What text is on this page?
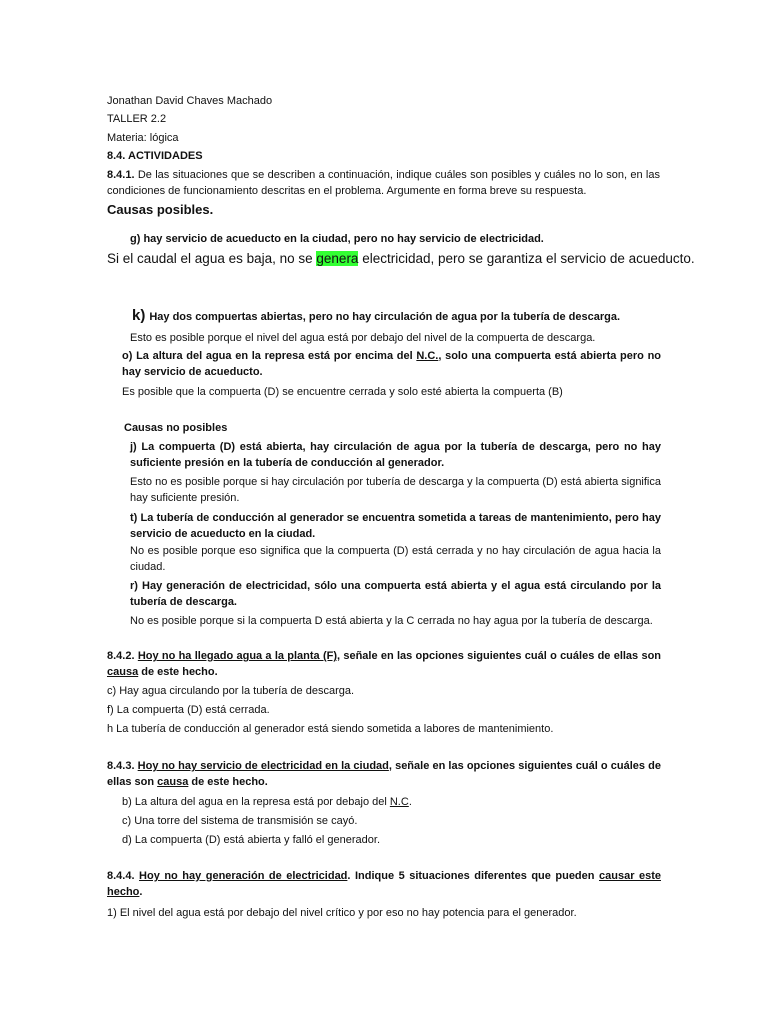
Jonathan David Chaves Machado
TALLER 2.2
Materia: lógica
8.4. ACTIVIDADES
8.4.1. De las situaciones que se describen a continuación, indique cuáles son posibles y cuáles no lo son, en las condiciones de funcionamiento descritas en el problema. Argumente en forma breve su respuesta.
Causas posibles.
g) hay servicio de acueducto en la ciudad, pero no hay servicio de electricidad.
Si el caudal el agua es baja, no se genera electricidad, pero se garantiza el servicio de acueducto.
k) Hay dos compuertas abiertas, pero no hay circulación de agua por la tubería de descarga.
Esto es posible porque el nivel del agua está por debajo del nivel de la compuerta de descarga.
o) La altura del agua en la represa está por encima del N.C., solo una compuerta está abierta pero no hay servicio de acueducto.
Es posible que la compuerta (D) se encuentre cerrada y solo esté abierta la compuerta (B)
Causas no posibles
j) La compuerta (D) está abierta, hay circulación de agua por la tubería de descarga, pero no hay suficiente presión en la tubería de conducción al generador.
Esto no es posible porque si hay circulación por tubería de descarga y la compuerta (D) está abierta significa hay suficiente presión.
t) La tubería de conducción al generador se encuentra sometida a tareas de mantenimiento, pero hay servicio de acueducto en la ciudad.
No es posible porque eso significa que la compuerta (D) está cerrada y no hay circulación de agua hacia la ciudad.
r) Hay generación de electricidad, sólo una compuerta está abierta y el agua está circulando por la tubería de descarga.
No es posible porque si la compuerta D está abierta y la C cerrada no hay agua por la tubería de descarga.
8.4.2. Hoy no ha llegado agua a la planta (F), señale en las opciones siguientes cuál o cuáles de ellas son causa de este hecho.
c) Hay agua circulando por la tubería de descarga.
f) La compuerta (D) está cerrada.
h La tubería de conducción al generador está siendo sometida a labores de mantenimiento.
8.4.3. Hoy no hay servicio de electricidad en la ciudad, señale en las opciones siguientes cuál o cuáles de ellas son causa de este hecho.
b) La altura del agua en la represa está por debajo del N.C.
c) Una torre del sistema de transmisión se cayó.
d) La compuerta (D) está abierta y falló el generador.
8.4.4. Hoy no hay generación de electricidad. Indique 5 situaciones diferentes que pueden causar este hecho.
1) El nivel del agua está por debajo del nivel crítico y por eso no hay potencia para el generador.
